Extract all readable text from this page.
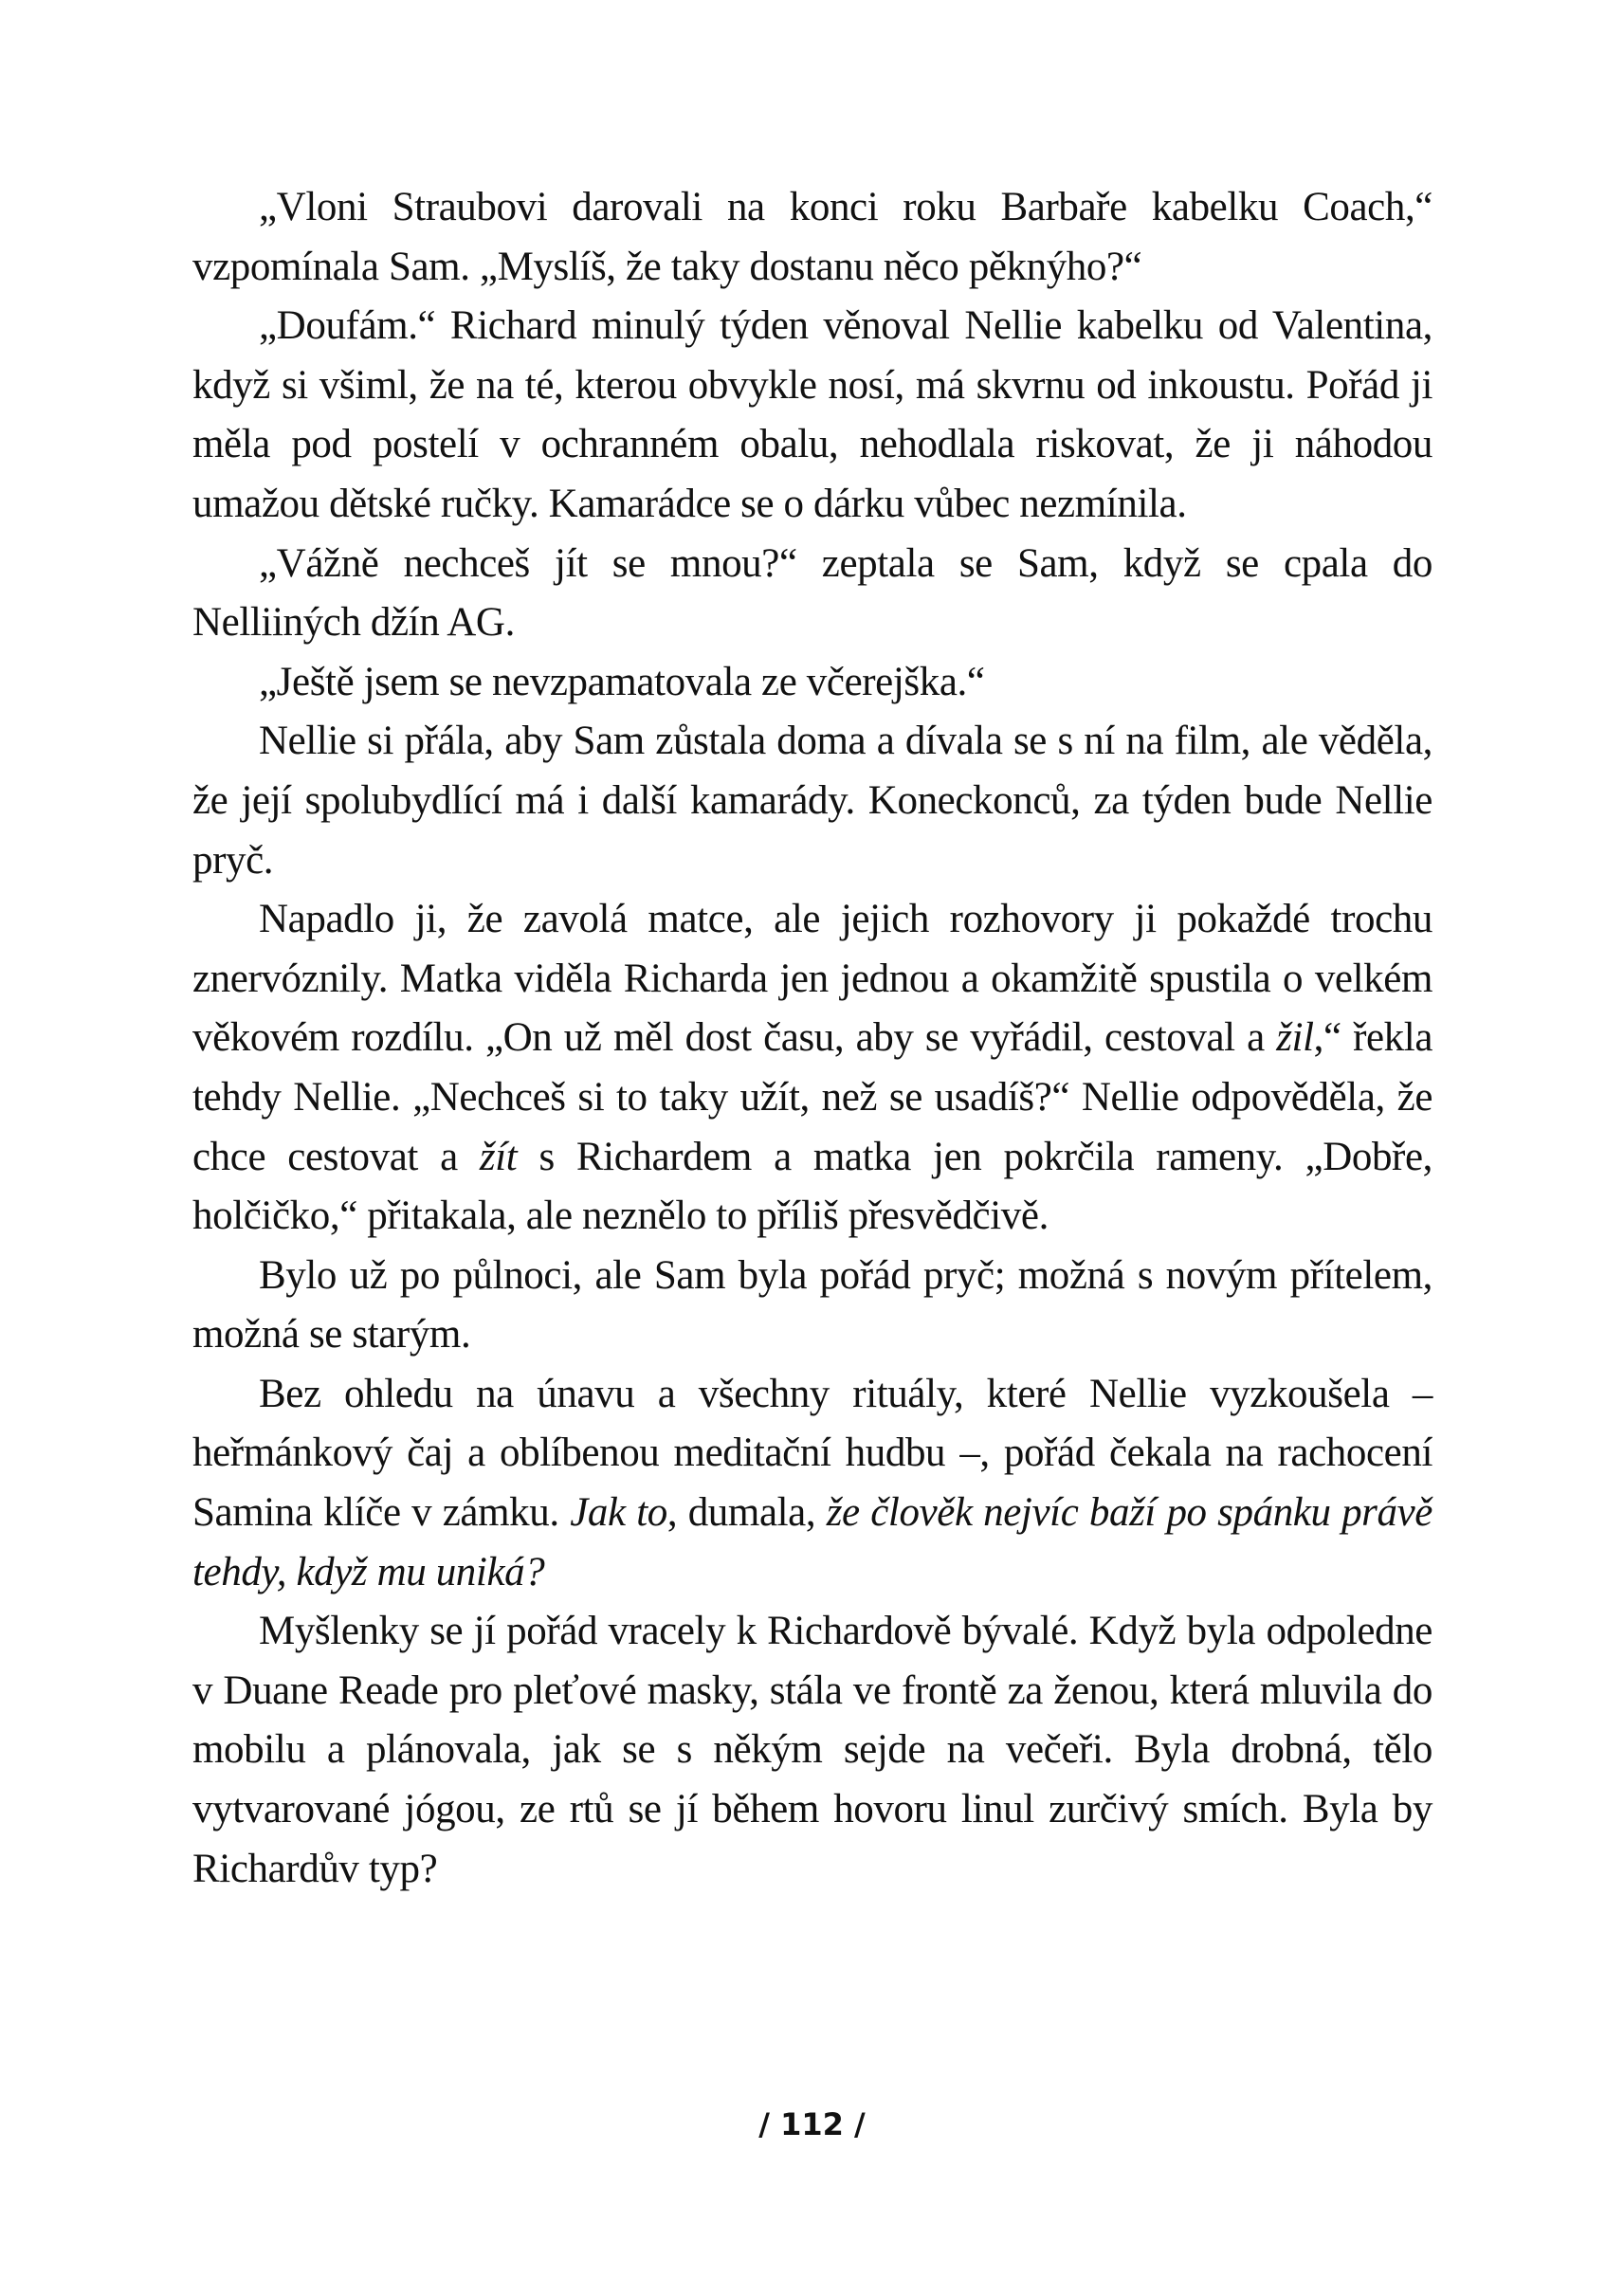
„Vloni Straubovi darovali na konci roku Barbaře kabelku Coach,“ vzpomínala Sam. „Myslíš, že taky dostanu něco pěknýho?“

„Doufám.“ Richard minulý týden věnoval Nellie kabelku od Valentina, když si všiml, že na té, kterou obvykle nosí, má skvrnu od inkoustu. Pořád ji měla pod postelí v ochranném obalu, nehodlala riskovat, že ji náhodou umažou dětské ručky. Kamarádce se o dárku vůbec nezmínila.

„Vážně nechceš jít se mnou?“ zeptala se Sam, když se cpala do Nelliiných džín AG.

„Ještě jsem se nevzpamatovala ze včerejška.“

Nellie si přála, aby Sam zůstala doma a dívala se s ní na film, ale věděla, že její spolubydlící má i další kamarády. Koneckonců, za týden bude Nellie pryč.

Napadlo ji, že zavolá matce, ale jejich rozhovory ji pokaždé trochu znervóznily. Matka viděla Richarda jen jednou a okamžitě spustila o velkém věkovém rozdílu. „On už měl dost času, aby se vyřádil, cestoval a žil,“ řekla tehdy Nellie. „Nechceš si to taky užít, než se usadíš?“ Nellie odpověděla, že chce cestovat a žít s Richardem a matka jen pokrčila rameny. „Dobře, holčičko,“ přitakala, ale neznělo to příliš přesvědčivě.

Bylo už po půlnoci, ale Sam byla pořád pryč; možná s novým přítelem, možná se starým.

Bez ohledu na únavu a všechny rituály, které Nellie vyzkoušela – heřmánkový čaj a oblíbenou meditační hudbu –, pořád čekala na rachocení Samina klíče v zámku. Jak to, dumala, že člověk nejvíc baží po spánku právě tehdy, když mu uniká?

Myšlenky se jí pořád vracely k Richardově bývalé. Když byla odpoledne v Duane Reade pro pleťové masky, stála ve frontě za ženou, která mluvila do mobilu a plánovala, jak se s někým sejde na večeři. Byla drobná, tělo vytvarované jógou, ze rtů se jí během hovoru linul zurčivý smích. Byla by Richardův typ?

/ 112 /
